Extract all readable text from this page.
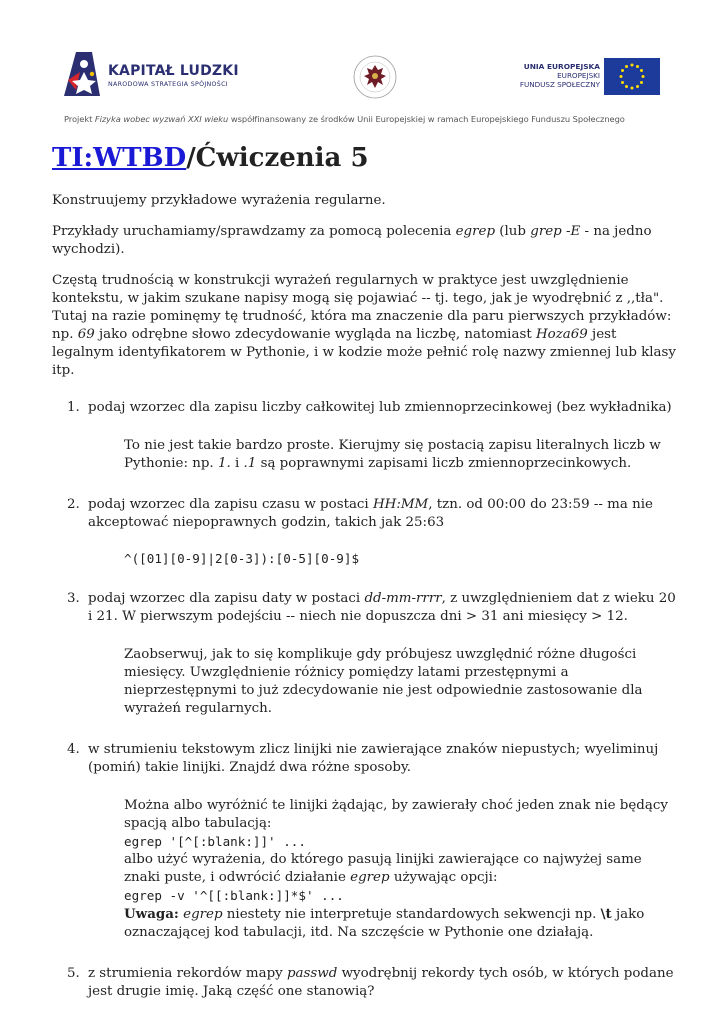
KAPITAŁ LUDZKI
NARODOWA STRATEGIA SPÓJNOŚCI
UNIA EUROPEJSKA
EUROPEJSKI
FUNDUSZ SPOŁECZNY
Projekt Fizyka wobec wyzwań XXI wieku współfinansowany ze środków Unii Europejskiej w ramach Europejskiego Funduszu Społecznego
TI:WTBD/Ćwiczenia 5

Konstruujemy przykładowe wyrażenia regularne.

Przykłady uruchamiamy/sprawdzamy za pomocą polecenia egrep (lub grep -E - na jedno wychodzi).

Częstą trudnością w konstrukcji wyrażeń regularnych w praktyce jest uwzględnienie kontekstu, w jakim szukane napisy mogą się pojawiać -- tj. tego, jak je wyodrębnić z ,,tła". Tutaj na razie pominęmy tę trudność, która ma znaczenie dla paru pierwszych przykładów: np. 69 jako odrębne słowo zdecydowanie wygląda na liczbę, natomiast Hoza69 jest legalnym identyfikatorem w Pythonie, i w kodzie może pełnić rolę nazwy zmiennej lub klasy itp.

1. podaj wzorzec dla zapisu liczby całkowitej lub zmiennoprzecinkowej (bez wykładnika)
To nie jest takie bardzo proste. Kierujmy się postacią zapisu literalnych liczb w Pythonie: np. 1. i .1 są poprawnymi zapisami liczb zmiennoprzecinkowych.
2. podaj wzorzec dla zapisu czasu w postaci HH:MM, tzn. od 00:00 do 23:59 -- ma nie akceptować niepoprawnych godzin, takich jak 25:63
^([01][0-9]|2[0-3]):[0-5][0-9]$
3. podaj wzorzec dla zapisu daty w postaci dd-mm-rrrr, z uwzględnieniem dat z wieku 20 i 21. W pierwszym podejściu -- niech nie dopuszcza dni > 31 ani miesięcy > 12.
Zaobserwuj, jak to się komplikuje gdy próbujesz uwzględnić różne długości miesięcy. Uwzględnienie różnicy pomiędzy latami przestępnymi a nieprzestępnymi to już zdecydowanie nie jest odpowiednie zastosowanie dla wyrażeń regularnych.
4. w strumieniu tekstowym zlicz linijki nie zawierające znaków niepustych; wyeliminuj (pomiń) takie linijki. Znajdź dwa różne sposoby.
Można albo wyróżnić te linijki żądając, by zawierały choć jeden znak nie będący spacją albo tabulacją:
egrep '[^[:blank:]]' ...
albo użyć wyrażenia, do którego pasują linijki zawierające co najwyżej same znaki puste, i odwrócić działanie egrep używając opcji:
egrep -v '^[[:blank:]]*$' ...
Uwaga: egrep niestety nie interpretuje standardowych sekwencji np. \t jako oznaczającej kod tabulacji, itd. Na szczęście w Pythonie one działają.
5. z strumienia rekordów mapy passwd wyodrębnij rekordy tych osób, w których podane jest drugie imię. Jaką część one stanowią?
